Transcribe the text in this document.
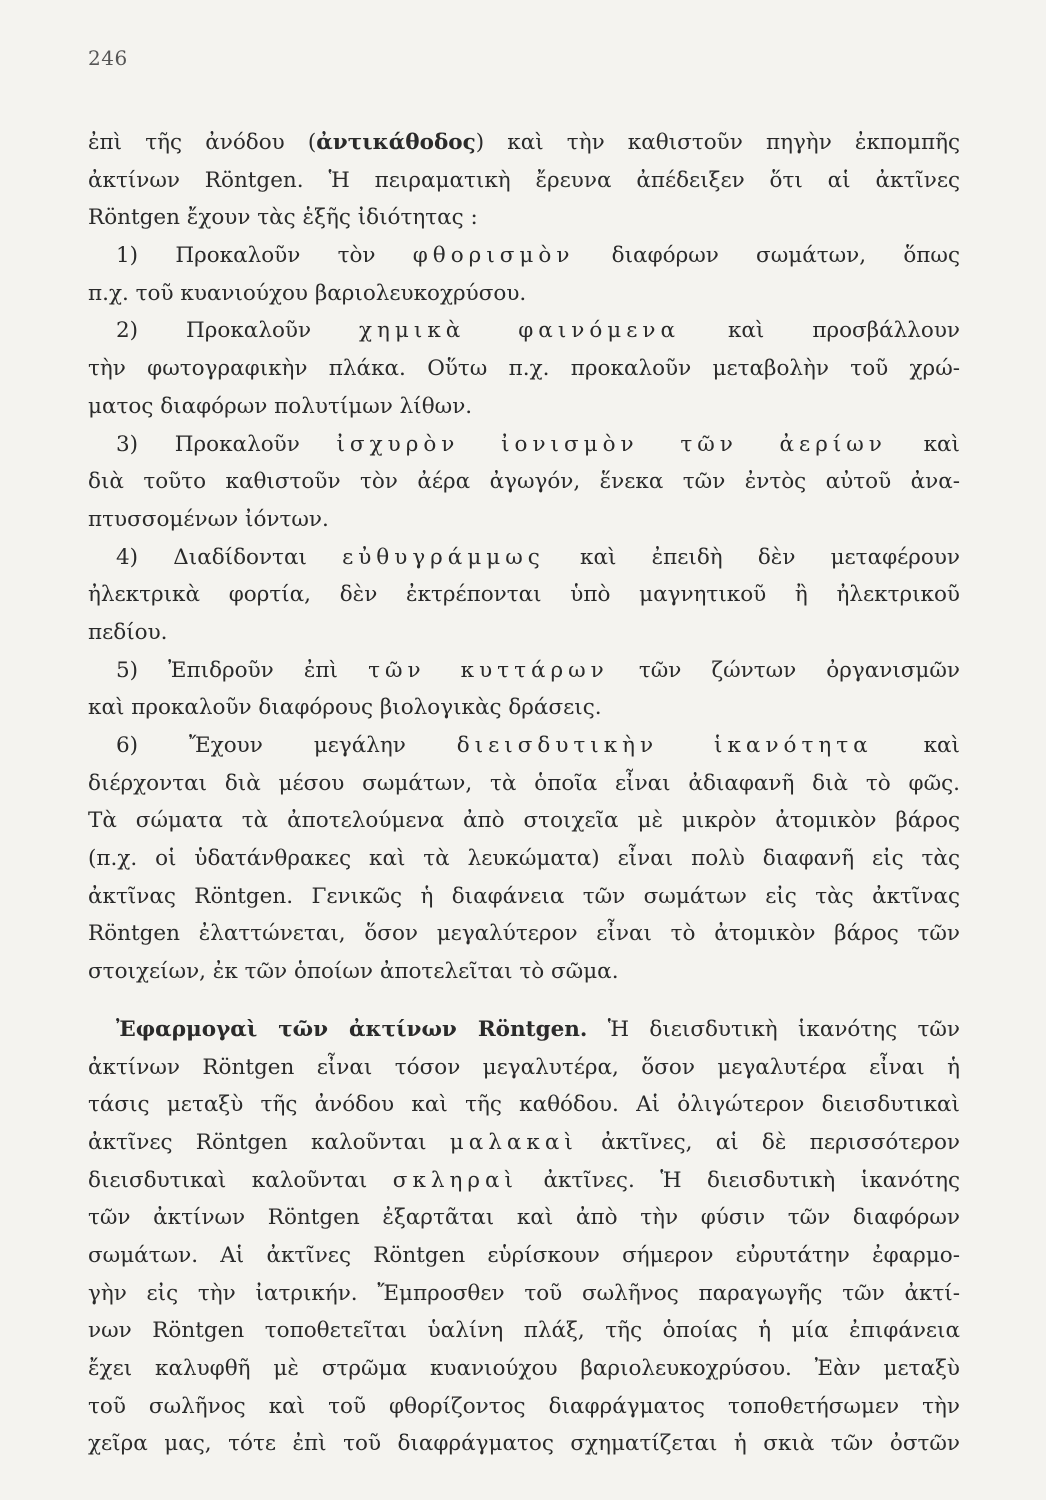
246
ἐπὶ τῆς ἀνόδου (ἀντικάθοδος) καὶ τὴν καθιστοῦν πηγὴν ἐκπομπῆς
ἀκτίνων Röntgen. Ἡ πειραματικὴ ἔρευνα ἀπέδειξεν ὅτι αἱ ἀκτῖνες
Röntgen ἔχουν τὰς ἑξῆς ἰδιότητας :
1) Προκαλοῦν τὸν φθορισμὸν διαφόρων σωμάτων, ὅπως
π.χ. τοῦ κυανιούχου βαριολευκοχρύσου.
2) Προκαλοῦν χημικὰ φαινόμενα καὶ προσβάλλουν
τὴν φωτογραφικὴν πλάκα. Οὕτω π.χ. προκαλοῦν μεταβολὴν τοῦ χρώ-
ματος διαφόρων πολυτίμων λίθων.
3) Προκαλοῦν ἰσχυρὸν ἰονισμὸν τῶν ἀερίων καὶ
διὰ τοῦτο καθιστοῦν τὸν ἀέρα ἀγωγόν, ἕνεκα τῶν ἐντὸς αὐτοῦ ἀνα-
πτυσσομένων ἰόντων.
4) Διαδίδονται εὐθυγράμμως καὶ ἐπειδὴ δὲν μεταφέρουν
ἠλεκτρικὰ φορτία, δὲν ἐκτρέπονται ὑπὸ μαγνητικοῦ ἢ ἠλεκτρικοῦ
πεδίου.
5) Ἐπιδροῦν ἐπὶ τῶν κυττάρων τῶν ζώντων ὀργανισμῶν
καὶ προκαλοῦν διαφόρους βιολογικὰς δράσεις.
6) Ἔχουν μεγάλην διεισδυτικὴν ἱκανότητα καὶ
διέρχονται διὰ μέσου σωμάτων, τὰ ὁποῖα εἶναι ἀδιαφανῆ διὰ τὸ φῶς.
Τὰ σώματα τὰ ἀποτελούμενα ἀπὸ στοιχεῖα μὲ μικρὸν ἀτομικὸν βάρος
(π.χ. οἱ ὑδατάνθρακες καὶ τὰ λευκώματα) εἶναι πολὺ διαφανῆ εἰς τὰς
ἀκτῖνας Röntgen. Γενικῶς ἡ διαφάνεια τῶν σωμάτων εἰς τὰς ἀκτῖνας
Röntgen ἐλαττώνεται, ὅσον μεγαλύτερον εἶναι τὸ ἀτομικὸν βάρος τῶν
στοιχείων, ἐκ τῶν ὁποίων ἀποτελεῖται τὸ σῶμα.
Ἐφαρμογαὶ τῶν ἀκτίνων Röntgen. Ἡ διεισδυτικὴ ἱκανότης τῶν
ἀκτίνων Röntgen εἶναι τόσον μεγαλυτέρα, ὅσον μεγαλυτέρα εἶναι ἡ
τάσις μεταξὺ τῆς ἀνόδου καὶ τῆς καθόδου. Αἱ ὀλιγώτερον διεισδυτικαὶ
ἀκτῖνες Röntgen καλοῦνται μαλακαὶ ἀκτῖνες, αἱ δὲ περισσότερον
διεισδυτικαὶ καλοῦνται σκληραὶ ἀκτῖνες. Ἡ διεισδυτικὴ ἱκανότης
τῶν ἀκτίνων Röntgen ἐξαρτᾶται καὶ ἀπὸ τὴν φύσιν τῶν διαφόρων
σωμάτων. Αἱ ἀκτῖνες Röntgen εὑρίσκουν σήμερον εὐρυτάτην ἐφαρμο-
γὴν εἰς τὴν ἰατρικήν. Ἔμπροσθεν τοῦ σωλῆνος παραγωγῆς τῶν ἀκτί-
νων Röntgen τοποθετεῖται ὑαλίνη πλάξ, τῆς ὁποίας ἡ μία ἐπιφάνεια
ἔχει καλυφθῆ μὲ στρῶμα κυανιούχου βαριολευκοχρύσου. Ἐὰν μεταξὺ
τοῦ σωλῆνος καὶ τοῦ φθορίζοντος διαφράγματος τοποθετήσωμεν τὴν
χεῖρα μας, τότε ἐπὶ τοῦ διαφράγματος σχηματίζεται ἡ σκιὰ τῶν ὀστῶν
